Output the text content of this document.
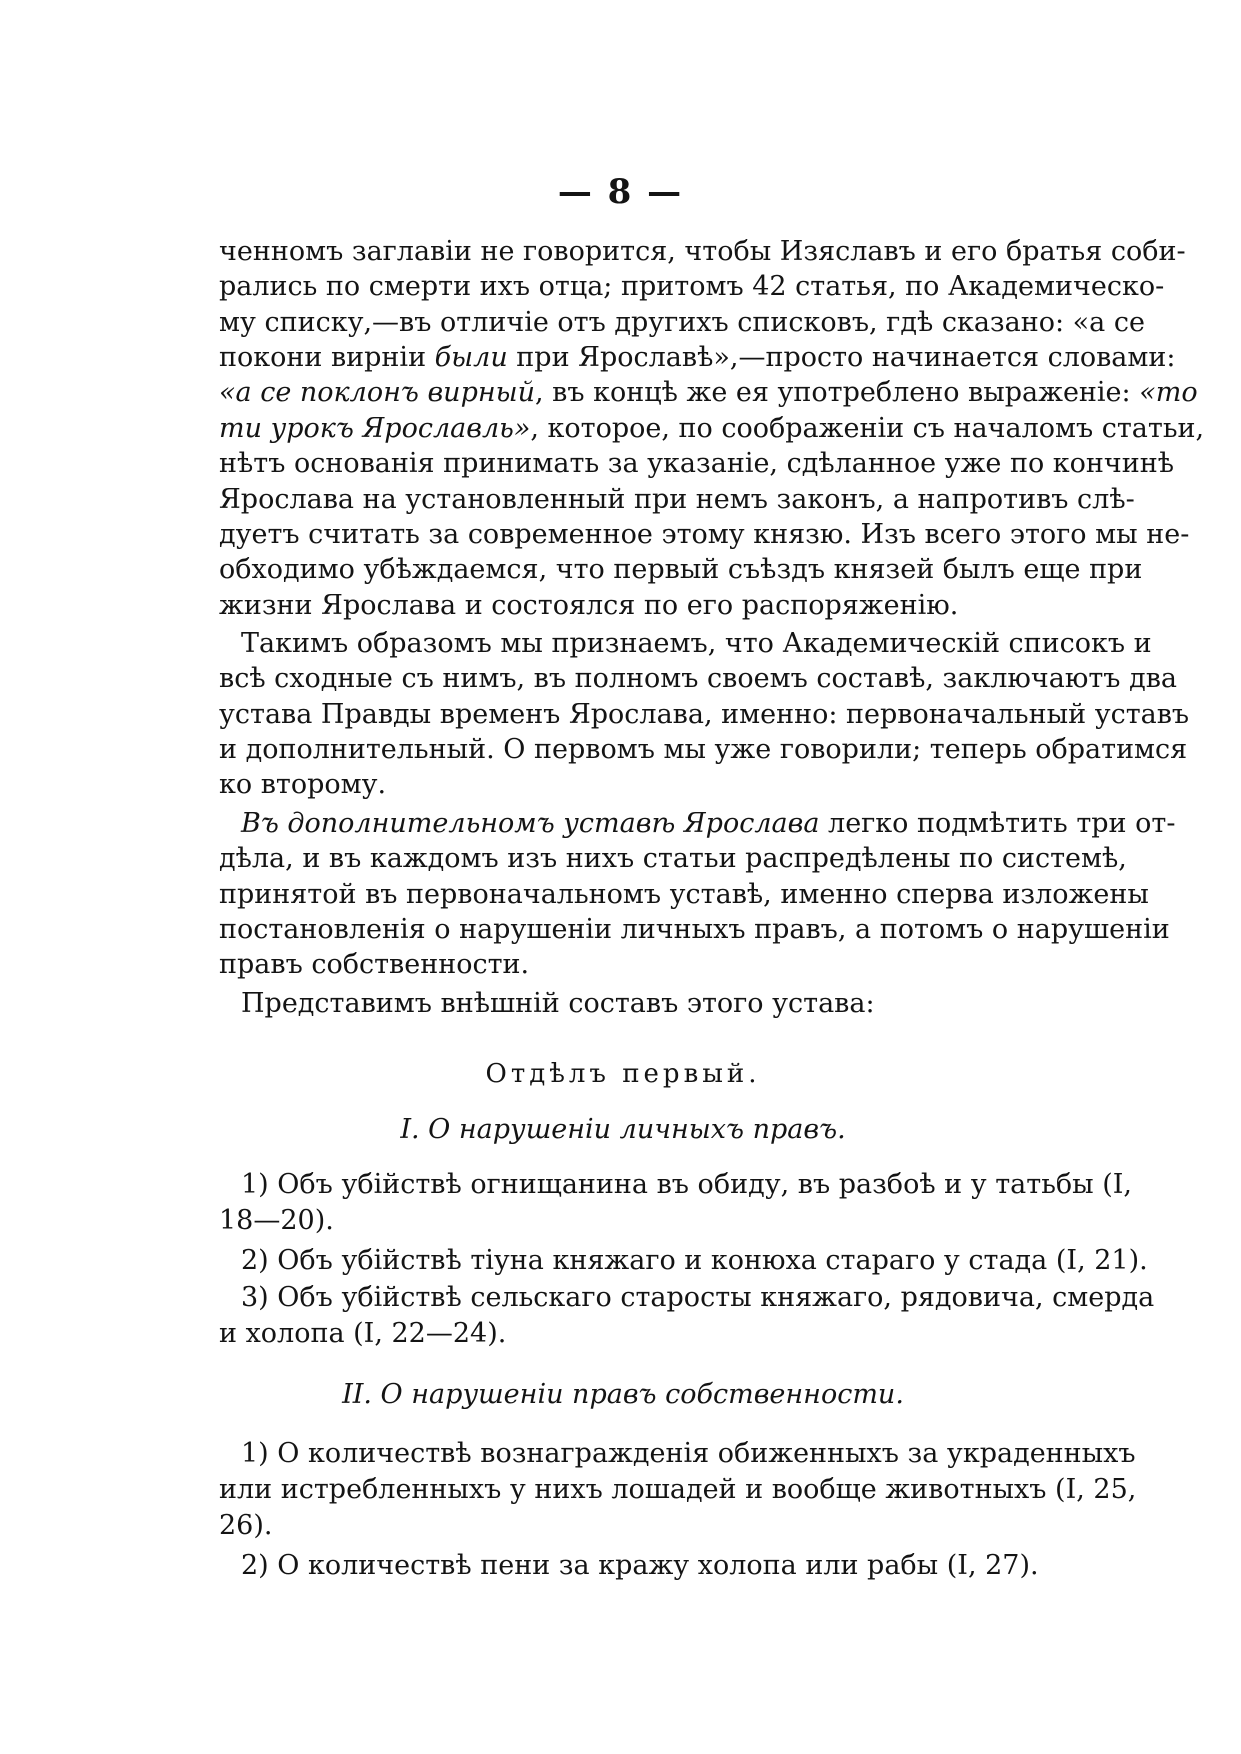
— 8 —
ченномъ заглавіи не говорится, чтобы Изяславъ и его братья соби-
рались по смерти ихъ отца; притомъ 42 статья, по Академическо-
му списку,—въ отличіе отъ другихъ списковъ, гдѣ сказано: «а се
покони вирніи были при Ярославѣ»,—просто начинается словами:
«а се поклонъ вирный, въ концѣ же ея употреблено выраженіе: «то
ти урокъ Ярославль», которое, по соображеніи съ началомъ статьи,
нѣтъ основанія принимать за указаніе, сдѣланное уже по кончинѣ
Ярослава на установленный при немъ законъ, а напротивъ слѣ-
дуетъ считать за современное этому князю. Изъ всего этого мы не-
обходимо убѣждаемся, что первый съѣздъ князей былъ еще при
жизни Ярослава и состоялся по его распоряженію.
Такимъ образомъ мы признаемъ, что Академическій списокъ и
всѣ сходные съ нимъ, въ полномъ своемъ составѣ, заключаютъ два
устава Правды временъ Ярослава, именно: первоначальный уставъ
и дополнительный. О первомъ мы уже говорили; теперь обратимся
ко второму.
Въ дополнительномъ уставѣ Ярослава легко подмѣтить три от-
дѣла, и въ каждомъ изъ нихъ статьи распредѣлены по системѣ,
принятой въ первоначальномъ уставѣ, именно сперва изложены
постановленія о нарушеніи личныхъ правъ, а потомъ о нарушеніи
правъ собственности.
Представимъ внѣшній составъ этого устава:
Отдѣлъ первый.
I. О нарушеніи личныхъ правъ.
1) Объ убійствѣ огнищанина въ обиду, въ разбоѣ и у татьбы (I,
18—20).
2) Объ убійствѣ тіуна княжаго и конюха стараго у стада (I, 21).
3) Объ убійствѣ сельскаго старосты княжаго, рядовича, смерда
и холопа (I, 22—24).
II. О нарушеніи правъ собственности.
1) О количествѣ вознагражденія обиженныхъ за украденныхъ
или истребленныхъ у нихъ лошадей и вообще животныхъ (I, 25,
26).
2) О количествѣ пени за кражу холопа или рабы (I, 27).
